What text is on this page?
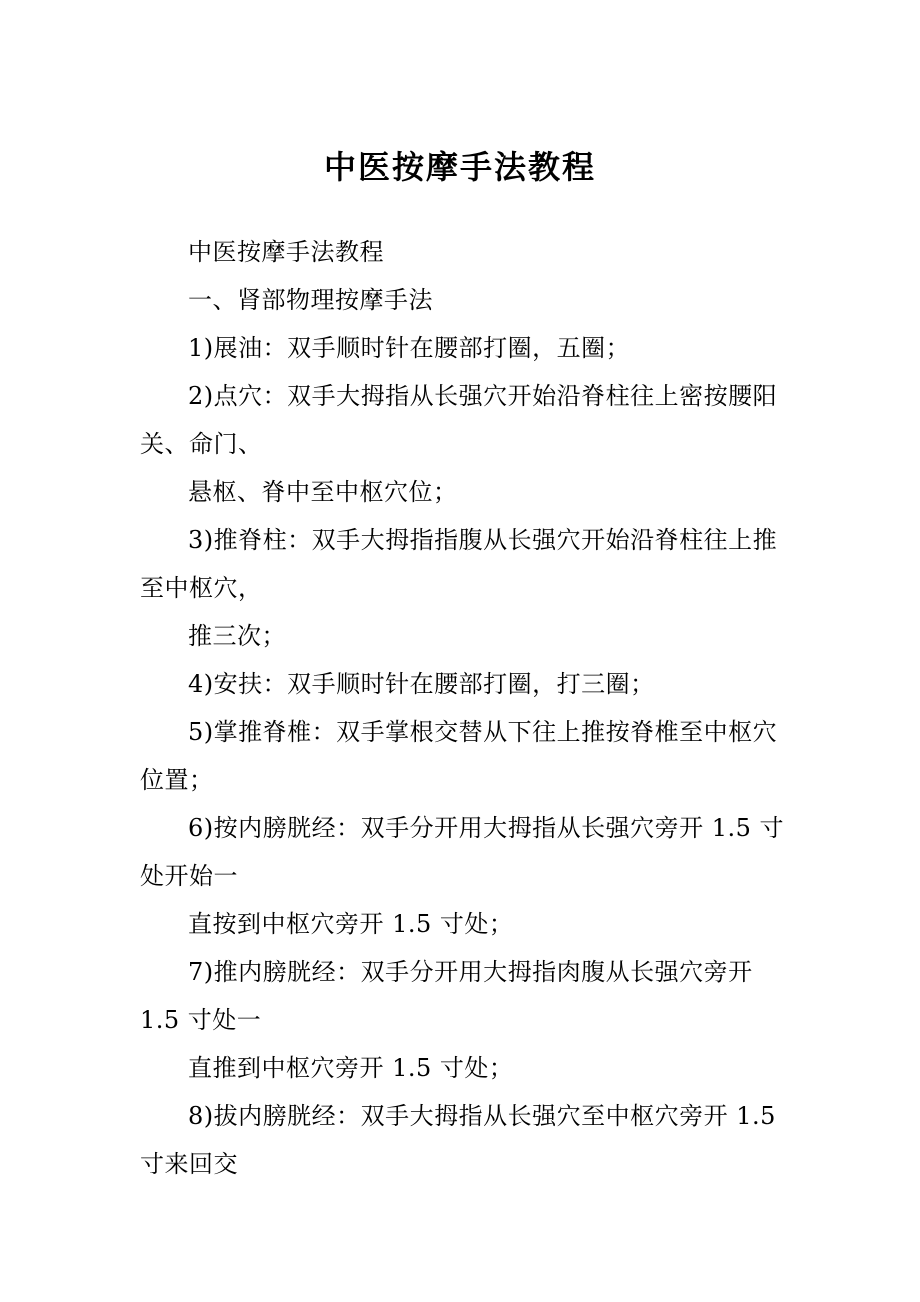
中医按摩手法教程

中医按摩手法教程

一、肾部物理按摩手法

1)展油：双手顺时针在腰部打圈，五圈；

2)点穴：双手大拇指从长强穴开始沿脊柱往上密按腰阳

关、命门、

悬枢、脊中至中枢穴位；

3)推脊柱：双手大拇指指腹从长强穴开始沿脊柱往上推

至中枢穴，

推三次；

4)安扶：双手顺时针在腰部打圈，打三圈；

5)掌推脊椎：双手掌根交替从下往上推按脊椎至中枢穴

位置；

6)按内膀胱经：双手分开用大拇指从长强穴旁开 1.5 寸

处开始一

直按到中枢穴旁开 1.5 寸处；

7)推内膀胱经：双手分开用大拇指肉腹从长强穴旁开

1.5 寸处一

直推到中枢穴旁开 1.5 寸处；

8)拔内膀胱经：双手大拇指从长强穴至中枢穴旁开 1.5

寸来回交
